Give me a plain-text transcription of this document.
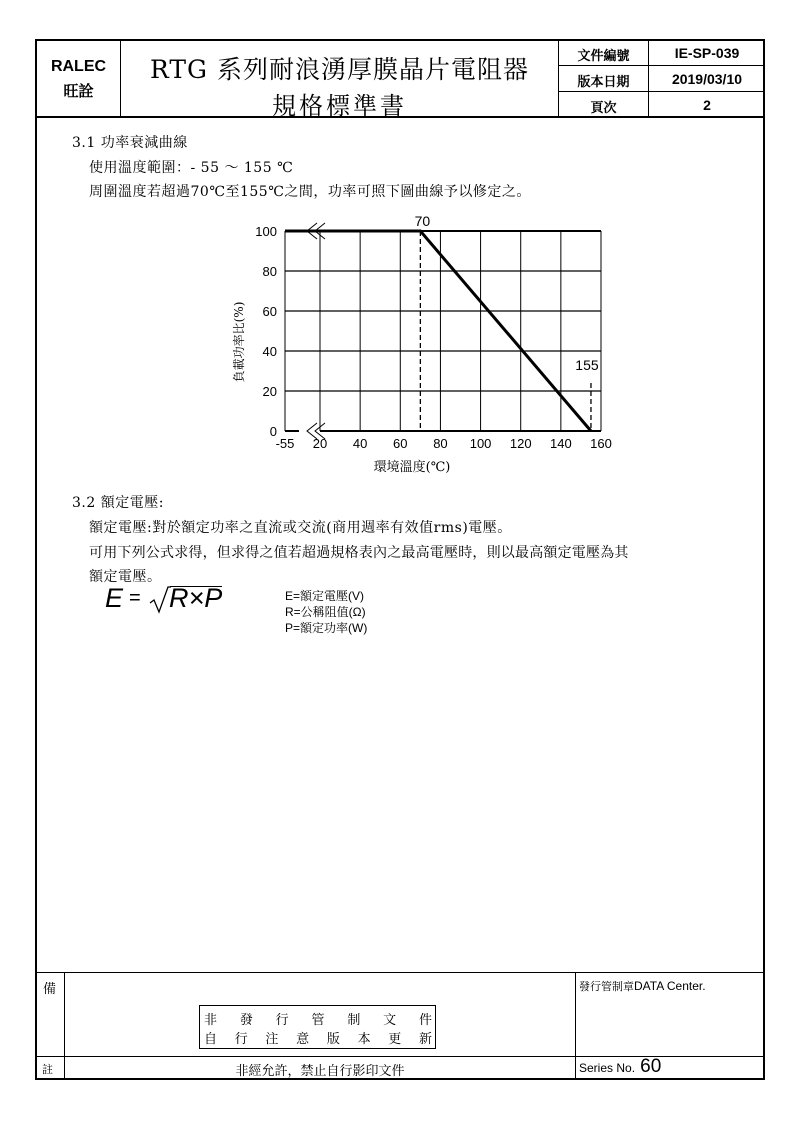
RALEC
旺詮
RTG 系列耐浪湧厚膜晶片電阻器
規格標準書
文件編號	IE-SP-039
版本日期	2019/03/10
頁次	2
3.1 功率衰減曲線
使用溫度範圍：- 55 ～ 155 ℃
周圍溫度若超過70℃至155℃之間，功率可照下圖曲線予以修定之。
70
155
-55 20 40 60 80 100 120 140 160
0
20
40
60
80
100
環境溫度(℃)
負載功率比(%)
3.2 額定電壓:
額定電壓:對於額定功率之直流或交流(商用週率有效值rms)電壓。
可用下列公式求得，但求得之值若超過規格表內之最高電壓時，則以最高額定電壓為其
額定電壓。
E = R×P	E=額定電壓(V)
R=公稱阻值(Ω)
P=額定功率(W)
備
註
非 發 行 管 制 文 件
自 行 注 意 版 本 更 新
非經允許，禁止自行影印文件
發行管制章DATA Center.
Series No. 60
